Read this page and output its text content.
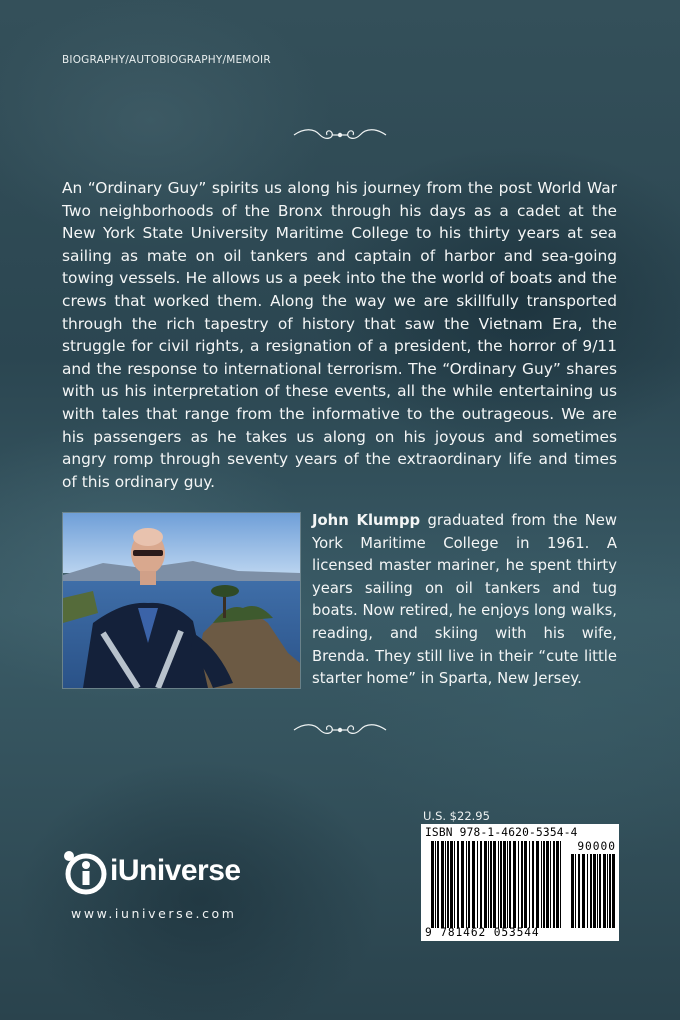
BIOGRAPHY/AUTOBIOGRAPHY/MEMOIR

An “Ordinary Guy” spirits us along his journey from the post World War Two neighborhoods of the Bronx through his days as a cadet at the New York State University Maritime College to his thirty years at sea sailing as mate on oil tankers and captain of harbor and sea-going towing vessels. He allows us a peek into the the world of boats and the crews that worked them. Along the way we are skillfully transported through the rich tapestry of history that saw the Vietnam Era, the struggle for civil rights, a resignation of a president, the horror of 9/11 and the response to international terrorism. The “Ordinary Guy” shares with us his interpretation of these events, all the while entertaining us with tales that range from the informative to the outrageous. We are his passengers as he takes us along on his joyous and sometimes angry romp through seventy years of the extraordinary life and times of this ordinary guy.

John Klumpp graduated from the New York Maritime College in 1961. A licensed master mariner, he spent thirty years sailing on oil tankers and tug boats. Now retired, he enjoys long walks, reading, and skiing with his wife, Brenda. They still live in their “cute little starter home” in Sparta, New Jersey.

U.S. $22.95
ISBN 978-1-4620-5354-4
90000
9 781462 053544
iUniverse
www.iuniverse.com
